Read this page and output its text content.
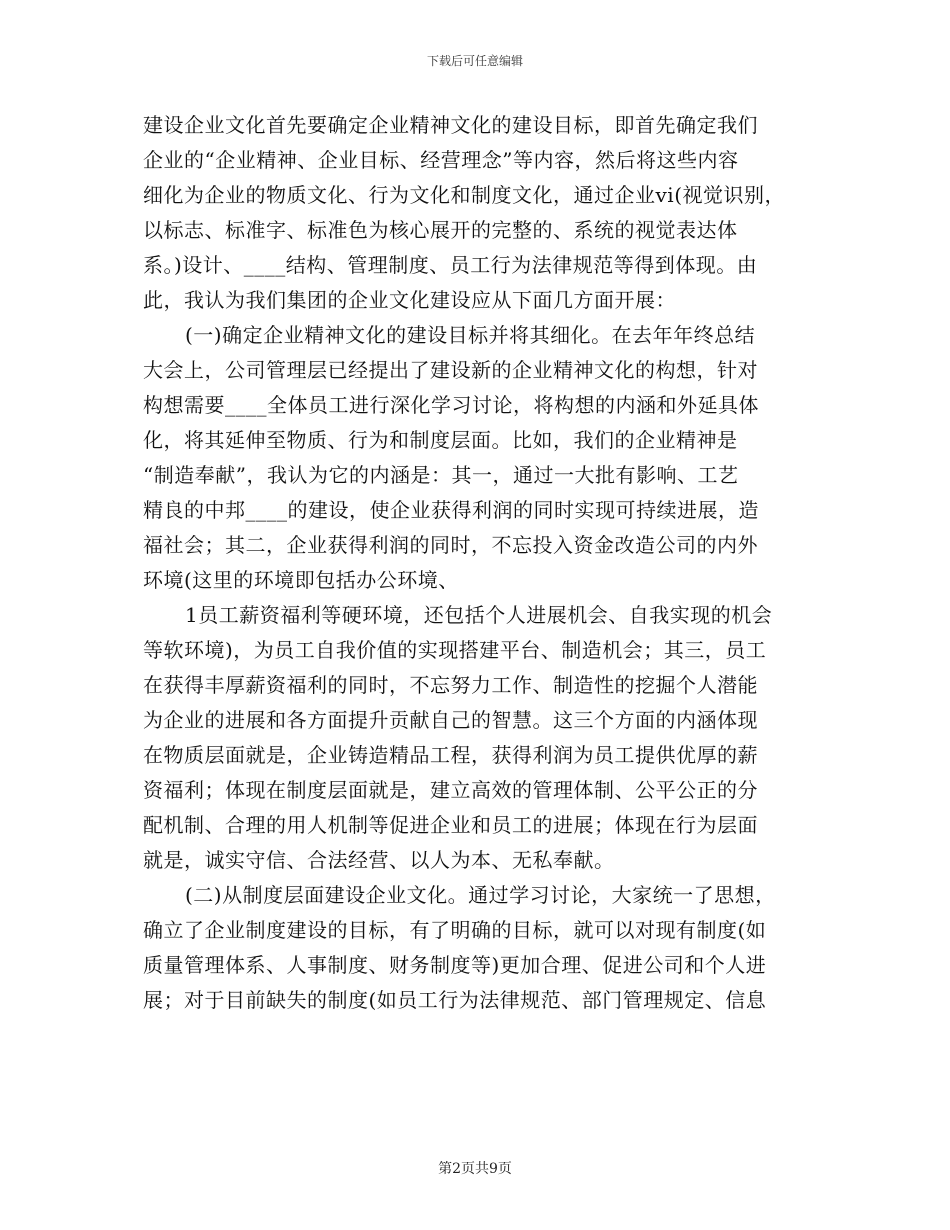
下载后可任意编辑
建设企业文化首先要确定企业精神文化的建设目标，即首先确定我们
企业的“企业精神、企业目标、经营理念”等内容，然后将这些内容
细化为企业的物质文化、行为文化和制度文化，通过企业vi(视觉识别，
以标志、标准字、标准色为核心展开的完整的、系统的视觉表达体
系。)设计、____结构、管理制度、员工行为法律规范等得到体现。由
此，我认为我们集团的企业文化建设应从下面几方面开展：
(一)确定企业精神文化的建设目标并将其细化。在去年年终总结
大会上，公司管理层已经提出了建设新的企业精神文化的构想，针对
构想需要____全体员工进行深化学习讨论，将构想的内涵和外延具体
化，将其延伸至物质、行为和制度层面。比如，我们的企业精神是
“制造奉献”，我认为它的内涵是：其一，通过一大批有影响、工艺
精良的中邦____的建设，使企业获得利润的同时实现可持续进展，造
福社会；其二，企业获得利润的同时，不忘投入资金改造公司的内外
环境(这里的环境即包括办公环境、
1员工薪资福利等硬环境，还包括个人进展机会、自我实现的机会
等软环境)，为员工自我价值的实现搭建平台、制造机会；其三，员工
在获得丰厚薪资福利的同时，不忘努力工作、制造性的挖掘个人潜能
为企业的进展和各方面提升贡献自己的智慧。这三个方面的内涵体现
在物质层面就是，企业铸造精品工程，获得利润为员工提供优厚的薪
资福利；体现在制度层面就是，建立高效的管理体制、公平公正的分
配机制、合理的用人机制等促进企业和员工的进展；体现在行为层面
就是，诚实守信、合法经营、以人为本、无私奉献。
(二)从制度层面建设企业文化。通过学习讨论，大家统一了思想，
确立了企业制度建设的目标，有了明确的目标，就可以对现有制度(如
质量管理体系、人事制度、财务制度等)更加合理、促进公司和个人进
展；对于目前缺失的制度(如员工行为法律规范、部门管理规定、信息
第2页共9页
